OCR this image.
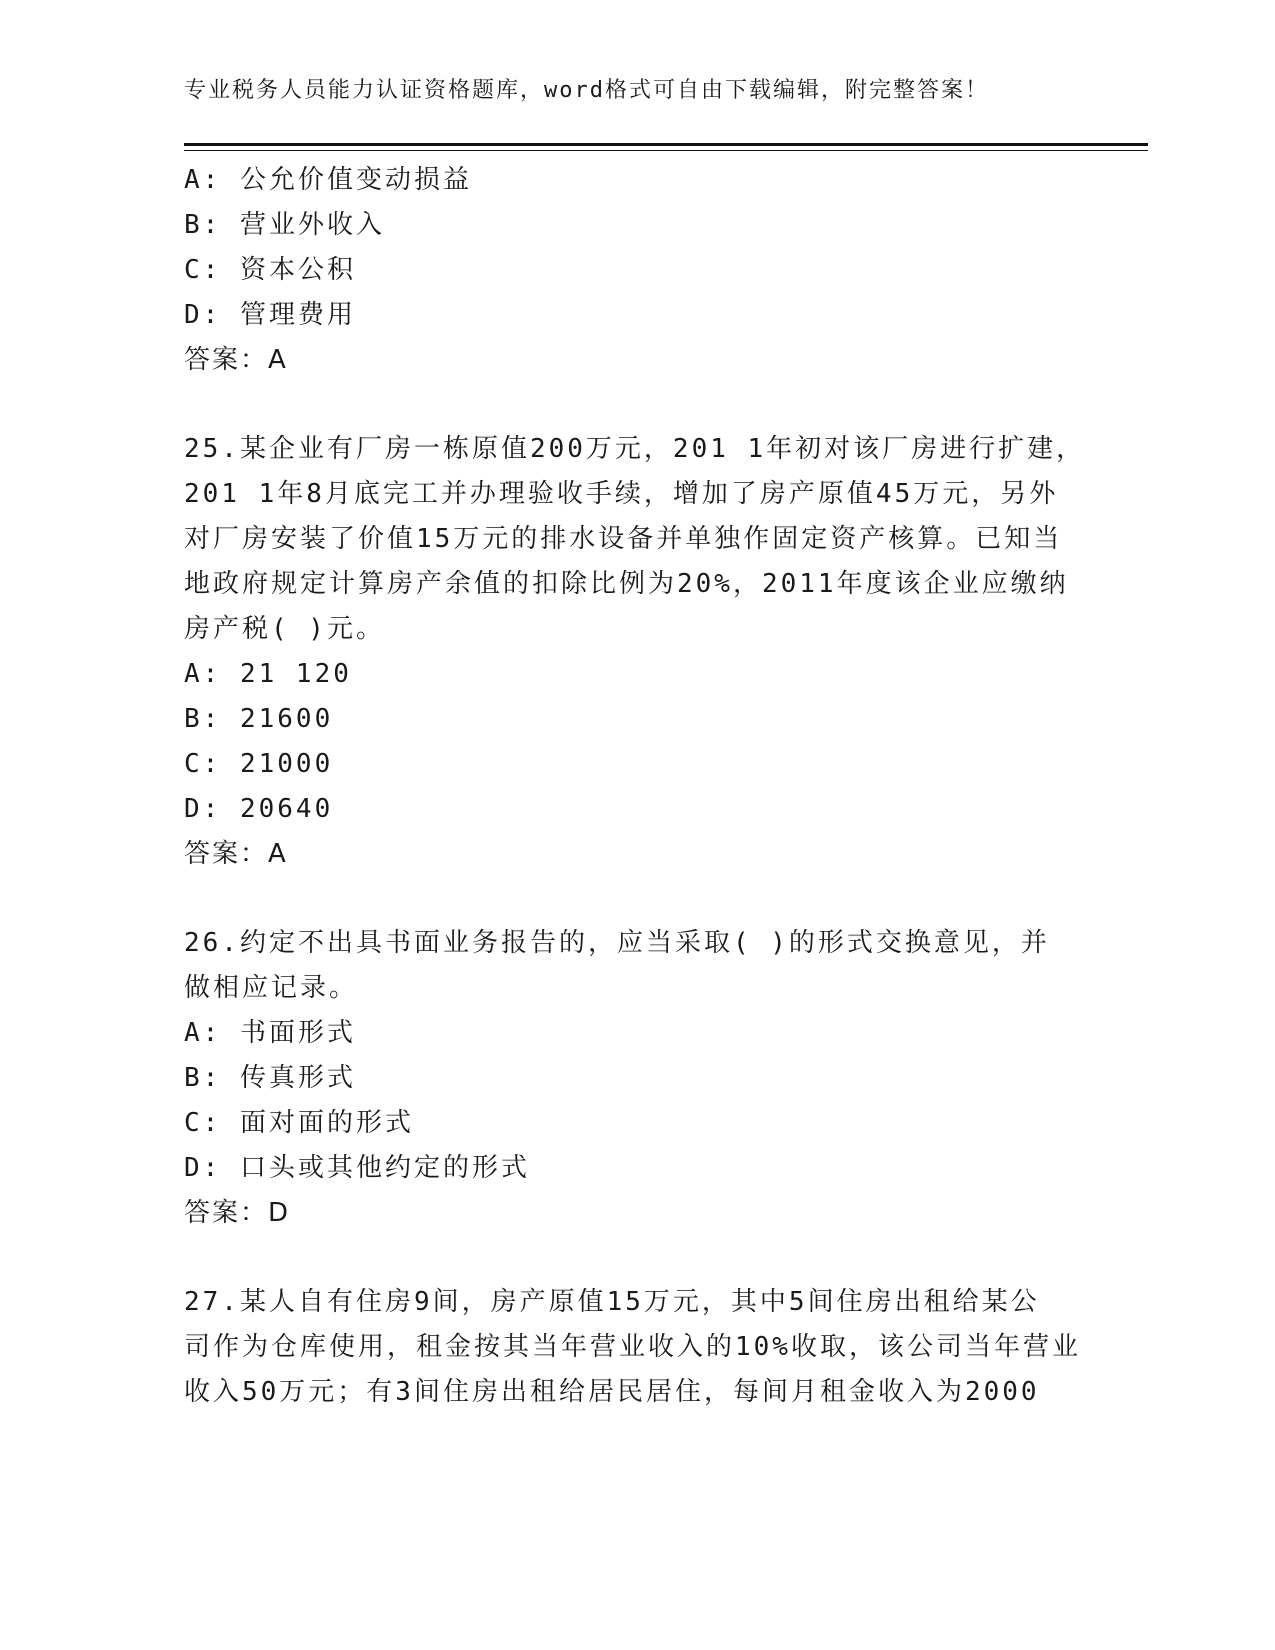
专业税务人员能力认证资格题库，word格式可自由下载编辑，附完整答案！
A: 公允价值变动损益
B: 营业外收入
C: 资本公积
D: 管理费用
答案：A
25.某企业有厂房一栋原值200万元，201 1年初对该厂房进行扩建，
201 1年8月底完工并办理验收手续，增加了房产原值45万元，另外
对厂房安装了价值15万元的排水设备并单独作固定资产核算。已知当
地政府规定计算房产余值的扣除比例为20%，2011年度该企业应缴纳
房产税( )元。
A: 21 120
B: 21600
C: 21000
D: 20640
答案：A
26.约定不出具书面业务报告的，应当采取( )的形式交换意见，并
做相应记录。
A: 书面形式
B: 传真形式
C: 面对面的形式
D: 口头或其他约定的形式
答案：D
27.某人自有住房9间，房产原值15万元，其中5间住房出租给某公
司作为仓库使用，租金按其当年营业收入的10%收取，该公司当年营业
收入50万元；有3间住房出租给居民居住，每间月租金收入为2000
